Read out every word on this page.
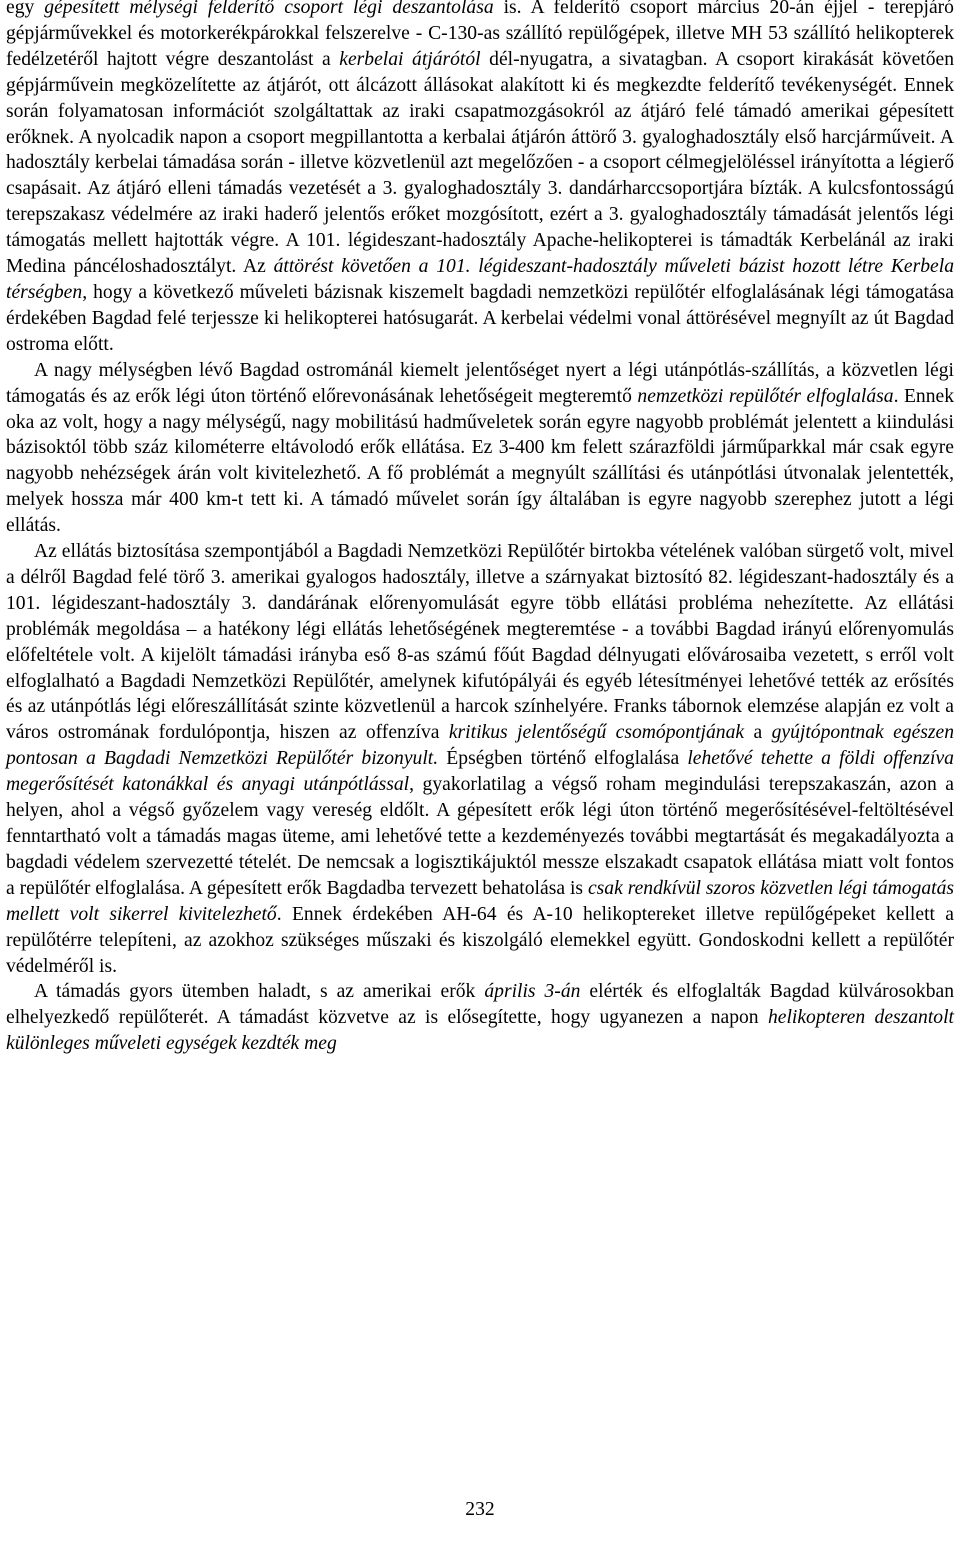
egy gépesített mélységi felderítő csoport légi deszantolása is. A felderítő csoport március 20-án éjjel - terepjáró gépjárművekkel és motorkerékpárokkal felszerelve - C-130-as szállító repülőgépek, illetve MH 53 szállító helikopterek fedélzetéről hajtott végre deszantolást a kerbelai átjárótól dél-nyugatra, a sivatagban. A csoport kirakását követően gépjárművein megközelítette az átjárót, ott álcázott állásokat alakított ki és megkezdte felderítő tevékenységét. Ennek során folyamatosan információt szolgáltattak az iraki csapatmozgásokról az átjáró felé támadó amerikai gépesített erőknek. A nyolcadik napon a csoport megpillantotta a kerbalai átjárón áttörő 3. gyaloghadosztály első harcjárműveit. A hadosztály kerbelai támadása során - illetve közvetlenül azt megelőzően - a csoport célmegjelöléssel irányította a légierő csapásait. Az átjáró elleni támadás vezetését a 3. gyaloghadosztály 3. dandárharccsoportjára bízták. A kulcsfontosságú terepszakasz védelmére az iraki haderő jelentős erőket mozgósított, ezért a 3. gyaloghadosztály támadását jelentős légi támogatás mellett hajtották végre. A 101. légideszant-hadosztály Apache-helikopterei is támadták Kerbelánál az iraki Medina páncéloshadosztályt. Az áttörést követően a 101. légideszant-hadosztály műveleti bázist hozott létre Kerbela térségben, hogy a következő műveleti bázisnak kiszemelt bagdadi nemzetközi repülőtér elfoglalásának légi támogatása érdekében Bagdad felé terjessze ki helikopterei hatósugarát. A kerbelai védelmi vonal áttörésével megnyílt az út Bagdad ostroma előtt.

A nagy mélységben lévő Bagdad ostrománál kiemelt jelentőséget nyert a légi utánpótlás-szállítás, a közvetlen légi támogatás és az erők légi úton történő előrevonásának lehetőségeit megteremtő nemzetközi repülőtér elfoglalása. Ennek oka az volt, hogy a nagy mélységű, nagy mobilitású hadműveletek során egyre nagyobb problémát jelentett a kiindulási bázisoktól több száz kilométerre eltávolodó erők ellátása. Ez 3-400 km felett szárazföldi járműparkkal már csak egyre nagyobb nehézségek árán volt kivitelezhető. A fő problémát a megnyúlt szállítási és utánpótlási útvonalak jelentették, melyek hossza már 400 km-t tett ki. A támadó művelet során így általában is egyre nagyobb szerephez jutott a légi ellátás.

Az ellátás biztosítása szempontjából a Bagdadi Nemzetközi Repülőtér birtokba vételének valóban sürgető volt, mivel a délről Bagdad felé törő 3. amerikai gyalogos hadosztály, illetve a szárnyakat biztosító 82. légideszant-hadosztály és a 101. légideszant-hadosztály 3. dandárának előrenyomulását egyre több ellátási probléma nehezítette. Az ellátási problémák megoldása – a hatékony légi ellátás lehetőségének megteremtése - a további Bagdad irányú előrenyomulás előfeltétele volt. A kijelölt támadási irányba eső 8-as számú főút Bagdad délnyugati elővárosaiba vezetett, s erről volt elfoglalható a Bagdadi Nemzetközi Repülőtér, amelynek kifutópályái és egyéb létesítményei lehetővé tették az erősítés és az utánpótlás légi előreszállítását szinte közvetlenül a harcok színhelyére. Franks tábornok elemzése alapján ez volt a város ostromának fordulópontja, hiszen az offenzíva kritikus jelentőségű csomópontjának a gyújtópontnak egészen pontosan a Bagdadi Nemzetközi Repülőtér bizonyult. Épségben történő elfoglalása lehetővé tehette a földi offenzíva megerősítését katonákkal és anyagi utánpótlással, gyakorlatilag a végső roham megindulási terepszakaszán, azon a helyen, ahol a végső győzelem vagy vereség eldőlt. A gépesített erők légi úton történő megerősítésével-feltöltésével fenntartható volt a támadás magas üteme, ami lehetővé tette a kezdeményezés további megtartását és megakadályozta a bagdadi védelem szervezetté tételét. De nemcsak a logisztikájuktól messze elszakadt csapatok ellátása miatt volt fontos a repülőtér elfoglalása. A gépesített erők Bagdadba tervezett behatolása is csak rendkívül szoros közvetlen légi támogatás mellett volt sikerrel kivitelezhető. Ennek érdekében AH-64 és A-10 helikoptereket illetve repülőgépeket kellett a repülőtérre telepíteni, az azokhoz szükséges műszaki és kiszolgáló elemekkel együtt. Gondoskodni kellett a repülőtér védelméről is.

A támadás gyors ütemben haladt, s az amerikai erők április 3-án elérték és elfoglalták Bagdad külvárosokban elhelyezkedő repülőterét. A támadást közvetve az is elősegítette, hogy ugyanezen a napon helikopteren deszantolt különleges műveleti egységek kezdték meg

232
